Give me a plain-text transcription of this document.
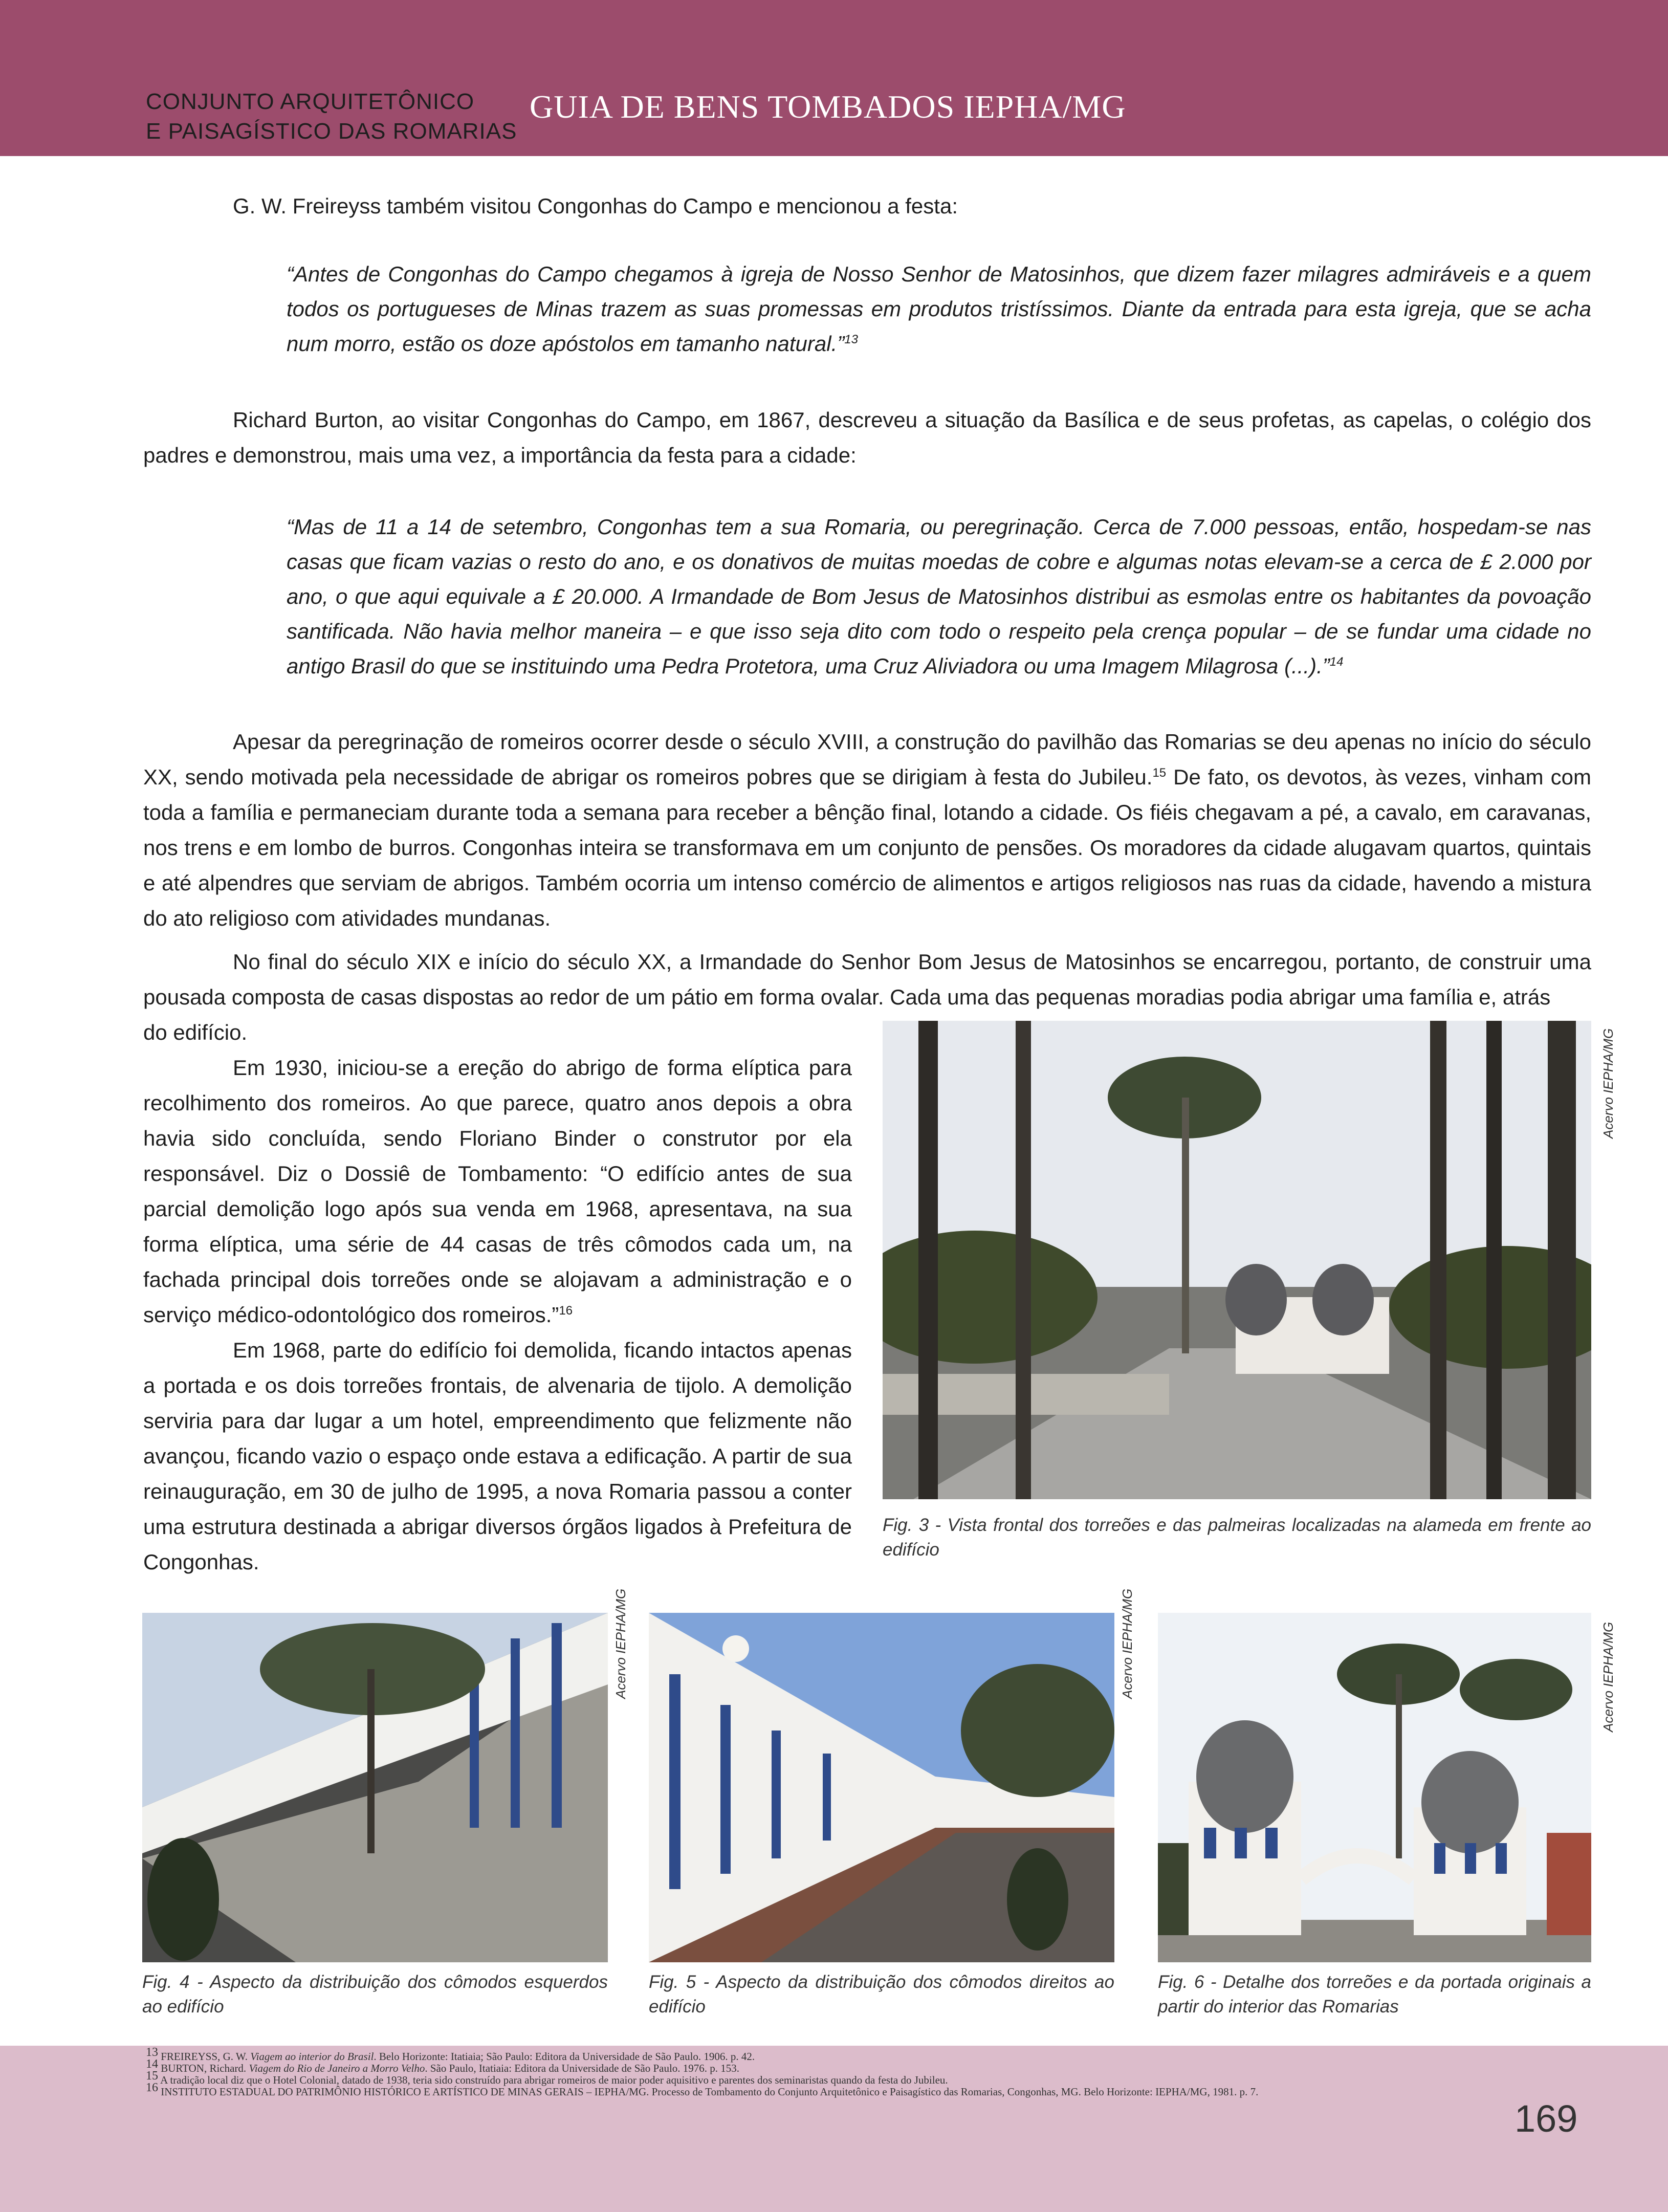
CONJUNTO ARQUITETÔNICO
E PAISAGÍSTICO DAS ROMARIAS
GUIA DE BENS TOMBADOS IEPHA/MG

G. W. Freireyss também visitou Congonhas do Campo e mencionou a festa:

“Antes de Congonhas do Campo chegamos à igreja de Nosso Senhor de Matosinhos, que dizem fazer milagres admiráveis e a quem todos os portugueses de Minas trazem as suas promessas em produtos tristíssimos. Diante da entrada para esta igreja, que se acha num morro, estão os doze apóstolos em tamanho natural.”$^{13}$

Richard Burton, ao visitar Congonhas do Campo, em 1867, descreveu a situação da Basílica e de seus profetas, as capelas, o colégio dos padres e demonstrou, mais uma vez, a importância da festa para a cidade:

“Mas de 11 a 14 de setembro, Congonhas tem a sua Romaria, ou peregrinação. Cerca de 7.000 pessoas, então, hospedam-se nas casas que ficam vazias o resto do ano, e os donativos de muitas moedas de cobre e algumas notas elevam-se a cerca de £ 2.000 por ano, o que aqui equivale a £ 20.000. A Irmandade de Bom Jesus de Matosinhos distribui as esmolas entre os habitantes da povoação santificada. Não havia melhor maneira – e que isso seja dito com todo o respeito pela crença popular – de se fundar uma cidade no antigo Brasil do que se instituindo uma Pedra Protetora, uma Cruz Aliviadora ou uma Imagem Milagrosa (...).”$^{14}$

Apesar da peregrinação de romeiros ocorrer desde o século XVIII, a construção do pavilhão das Romarias se deu apenas no início do século XX, sendo motivada pela necessidade de abrigar os romeiros pobres que se dirigiam à festa do Jubileu.$^{15}$ De fato, os devotos, às vezes, vinham com toda a família e permaneciam durante toda a semana para receber a bênção final, lotando a cidade. Os fiéis chegavam a pé, a cavalo, em caravanas, nos trens e em lombo de burros. Congonhas inteira se transformava em um conjunto de pensões. Os moradores da cidade alugavam quartos, quintais e até alpendres que serviam de abrigos. Também ocorria um intenso comércio de alimentos e artigos religiosos nas ruas da cidade, havendo a mistura do ato religioso com atividades mundanas.

No final do século XIX e início do século XX, a Irmandade do Senhor Bom Jesus de Matosinhos se encarregou, portanto, de construir uma pousada composta de casas dispostas ao redor de um pátio em forma ovalar. Cada uma das pequenas moradias podia abrigar uma família e, atrás

do edifício.

Em 1930, iniciou-se a ereção do abrigo de forma elíptica para recolhimento dos romeiros. Ao que parece, quatro anos depois a obra havia sido concluída, sendo Floriano Binder o construtor por ela responsável. Diz o Dossiê de Tombamento: “O edifício antes de sua parcial demolição logo após sua venda em 1968, apresentava, na sua forma elíptica, uma série de 44 casas de três cômodos cada um, na fachada principal dois torreões onde se alojavam a administração e o serviço médico-odontológico dos romeiros.”$^{16}$

Em 1968, parte do edifício foi demolida, ficando intactos apenas a portada e os dois torreões frontais, de alvenaria de tijolo. A demolição serviria para dar lugar a um hotel, empreendimento que felizmente não avançou, ficando vazio o espaço onde estava a edificação. A partir de sua reinauguração, em 30 de julho de 1995, a nova Romaria passou a conter uma estrutura destinada a abrigar diversos órgãos ligados à Prefeitura de Congonhas.

Acervo IEPHA/MG

Fig. 3 - Vista frontal dos torreões e das palmeiras localizadas na alameda em frente ao edifício

Acervo IEPHA/MG

Fig. 4 - Aspecto da distribuição dos cômodos esquerdos ao edifício

Acervo IEPHA/MG

Fig. 5 - Aspecto da distribuição dos cômodos direitos ao edifício

Acervo IEPHA/MG

Fig. 6 - Detalhe dos torreões e da portada originais a partir do interior das Romarias

$^{13}$ FREIREYSS, G. W. Viagem ao interior do Brasil. Belo Horizonte: Itatiaia; São Paulo: Editora da Universidade de São Paulo. 1906. p. 42.
$^{14}$ BURTON, Richard. Viagem do Rio de Janeiro a Morro Velho. São Paulo, Itatiaia: Editora da Universidade de São Paulo. 1976. p. 153.
$^{15}$ A tradição local diz que o Hotel Colonial, datado de 1938, teria sido construído para abrigar romeiros de maior poder aquisitivo e parentes dos seminaristas quando da festa do Jubileu.
$^{16}$ INSTITUTO ESTADUAL DO PATRIMÔNIO HISTÓRICO E ARTÍSTICO DE MINAS GERAIS – IEPHA/MG. Processo de Tombamento do Conjunto Arquitetônico e Paisagístico das Romarias, Congonhas, MG. Belo Horizonte: IEPHA/MG, 1981. p. 7.
169
